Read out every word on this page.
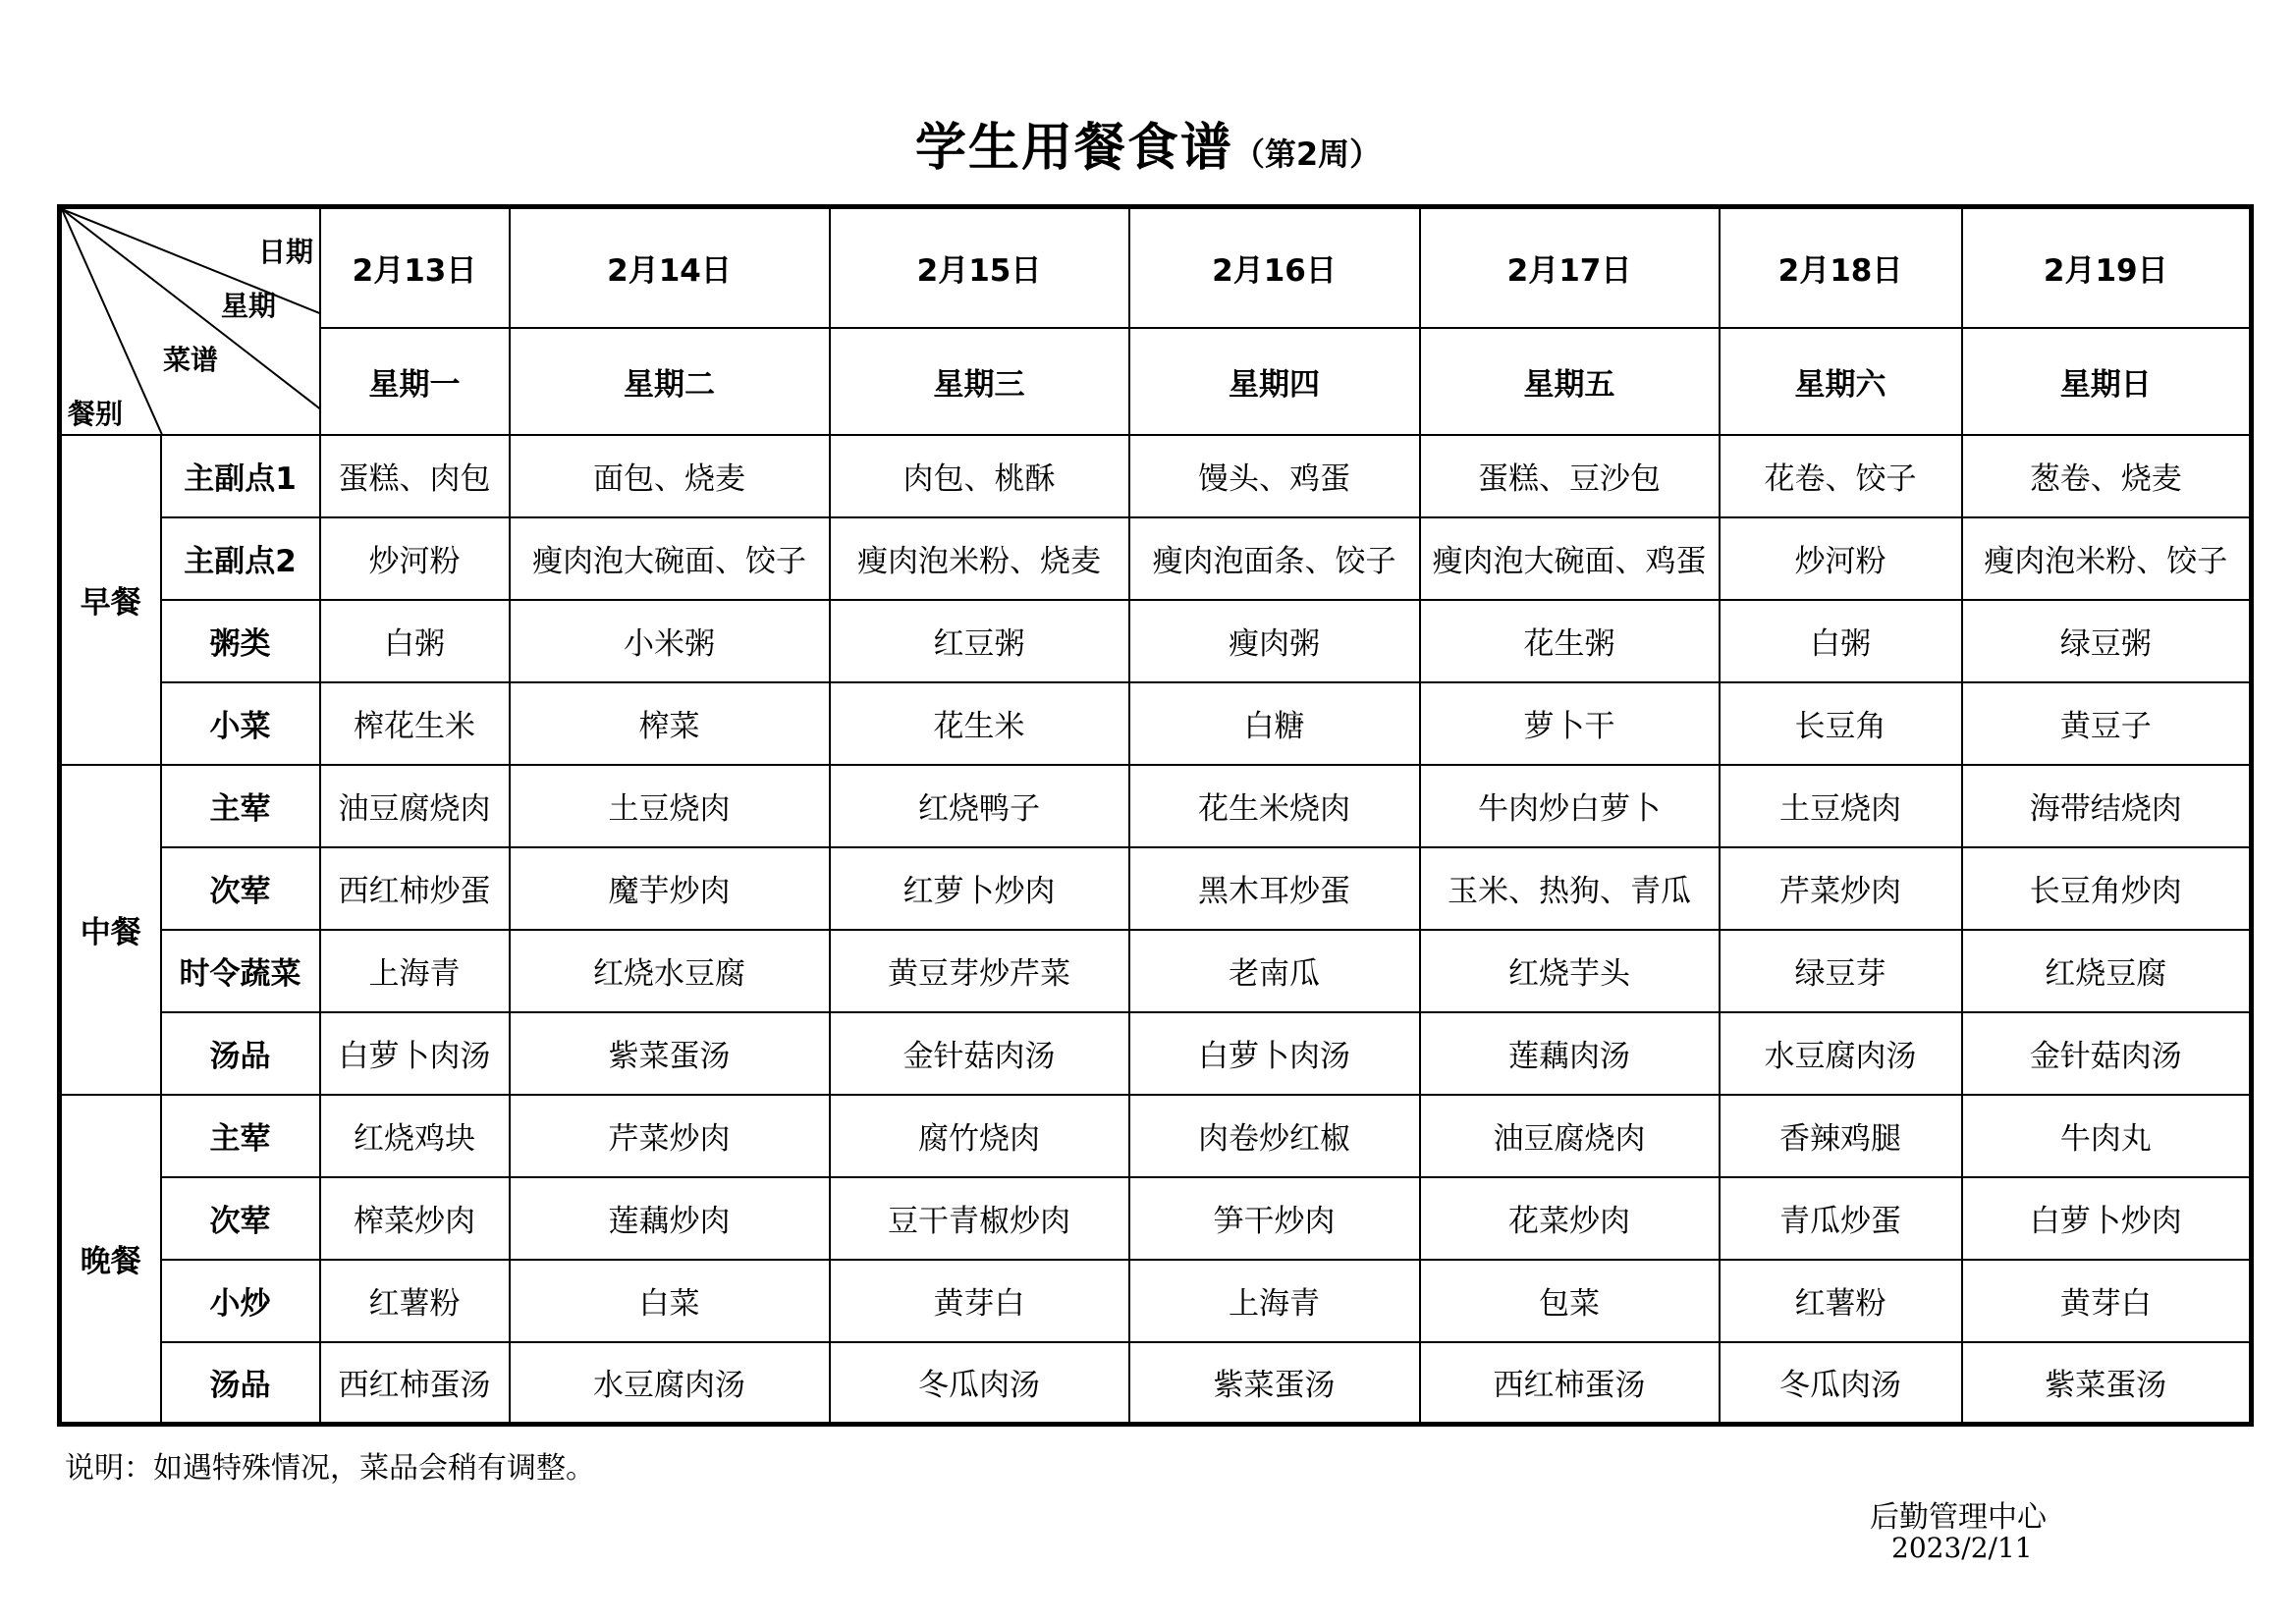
学生用餐食谱（第2周）
日期
星期
菜谱
餐别		2月13日	2月14日	2月15日	2月16日	2月17日	2月18日	2月19日
		星期一	星期二	星期三	星期四	星期五	星期六	星期日
早餐	主副点1	蛋糕、肉包	面包、烧麦	肉包、桃酥	馒头、鸡蛋	蛋糕、豆沙包	花卷、饺子	葱卷、烧麦
	主副点2	炒河粉	瘦肉泡大碗面、饺子	瘦肉泡米粉、烧麦	瘦肉泡面条、饺子	瘦肉泡大碗面、鸡蛋	炒河粉	瘦肉泡米粉、饺子
	粥类	白粥	小米粥	红豆粥	瘦肉粥	花生粥	白粥	绿豆粥
	小菜	榨花生米	榨菜	花生米	白糖	萝卜干	长豆角	黄豆子
中餐	主荤	油豆腐烧肉	土豆烧肉	红烧鸭子	花生米烧肉	牛肉炒白萝卜	土豆烧肉	海带结烧肉
	次荤	西红柿炒蛋	魔芋炒肉	红萝卜炒肉	黑木耳炒蛋	玉米、热狗、青瓜	芹菜炒肉	长豆角炒肉
	时令蔬菜	上海青	红烧水豆腐	黄豆芽炒芹菜	老南瓜	红烧芋头	绿豆芽	红烧豆腐
	汤品	白萝卜肉汤	紫菜蛋汤	金针菇肉汤	白萝卜肉汤	莲藕肉汤	水豆腐肉汤	金针菇肉汤
晚餐	主荤	红烧鸡块	芹菜炒肉	腐竹烧肉	肉卷炒红椒	油豆腐烧肉	香辣鸡腿	牛肉丸
	次荤	榨菜炒肉	莲藕炒肉	豆干青椒炒肉	笋干炒肉	花菜炒肉	青瓜炒蛋	白萝卜炒肉
	小炒	红薯粉	白菜	黄芽白	上海青	包菜	红薯粉	黄芽白
	汤品	西红柿蛋汤	水豆腐肉汤	冬瓜肉汤	紫菜蛋汤	西红柿蛋汤	冬瓜肉汤	紫菜蛋汤
说明：如遇特殊情况，菜品会稍有调整。
后勤管理中心
2023/2/11
